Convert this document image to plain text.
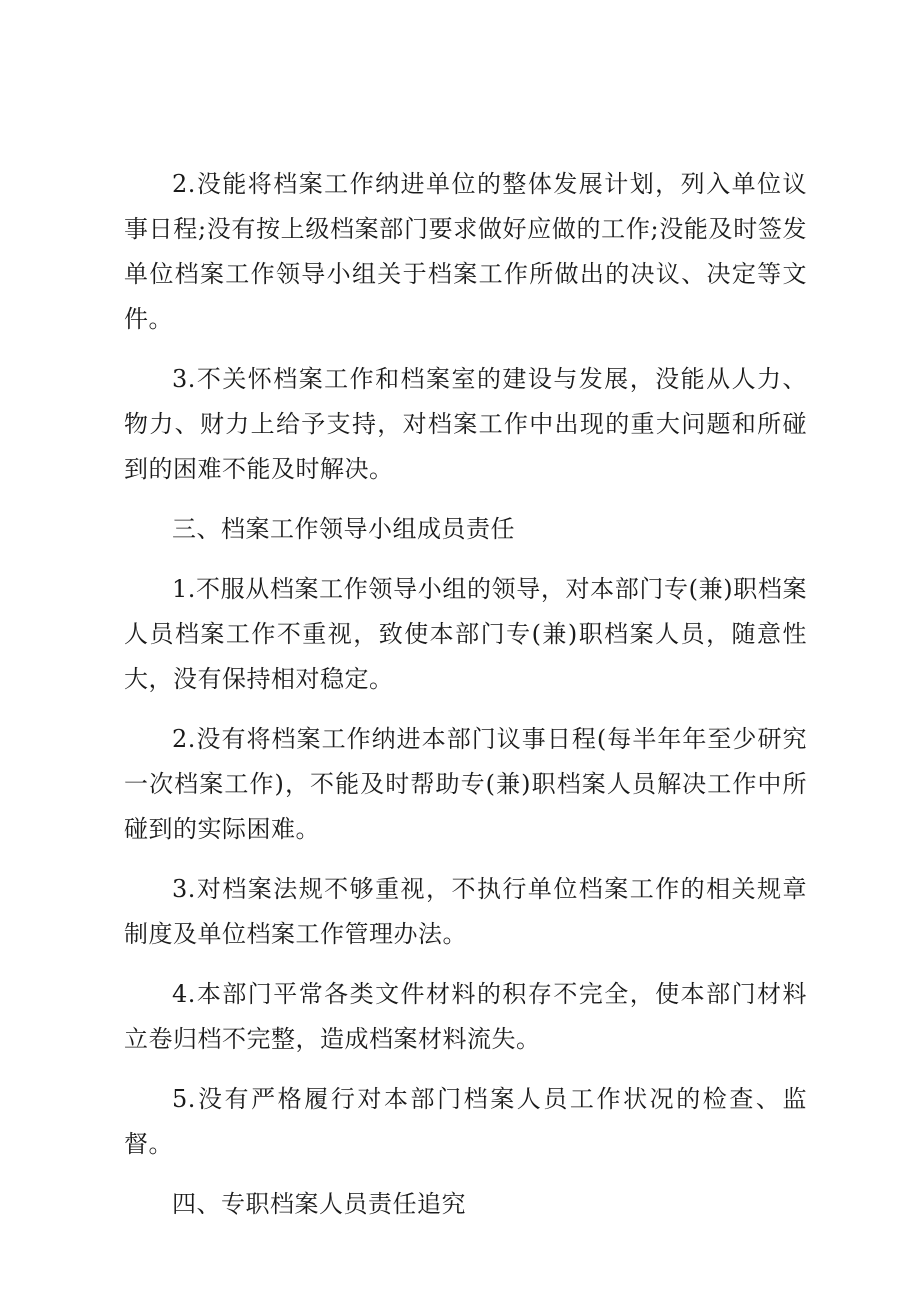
2.没能将档案工作纳进单位的整体发展计划，列入单位议事日程;没有按上级档案部门要求做好应做的工作;没能及时签发单位档案工作领导小组关于档案工作所做出的决议、决定等文件。

3.不关怀档案工作和档案室的建设与发展，没能从人力、物力、财力上给予支持，对档案工作中出现的重大问题和所碰到的困难不能及时解决。

三、档案工作领导小组成员责任

1.不服从档案工作领导小组的领导，对本部门专(兼)职档案人员档案工作不重视，致使本部门专(兼)职档案人员，随意性大，没有保持相对稳定。

2.没有将档案工作纳进本部门议事日程(每半年年至少研究一次档案工作)，不能及时帮助专(兼)职档案人员解决工作中所碰到的实际困难。

3.对档案法规不够重视，不执行单位档案工作的相关规章制度及单位档案工作管理办法。

4.本部门平常各类文件材料的积存不完全，使本部门材料立卷归档不完整，造成档案材料流失。

5.没有严格履行对本部门档案人员工作状况的检查、监督。

四、专职档案人员责任追究
